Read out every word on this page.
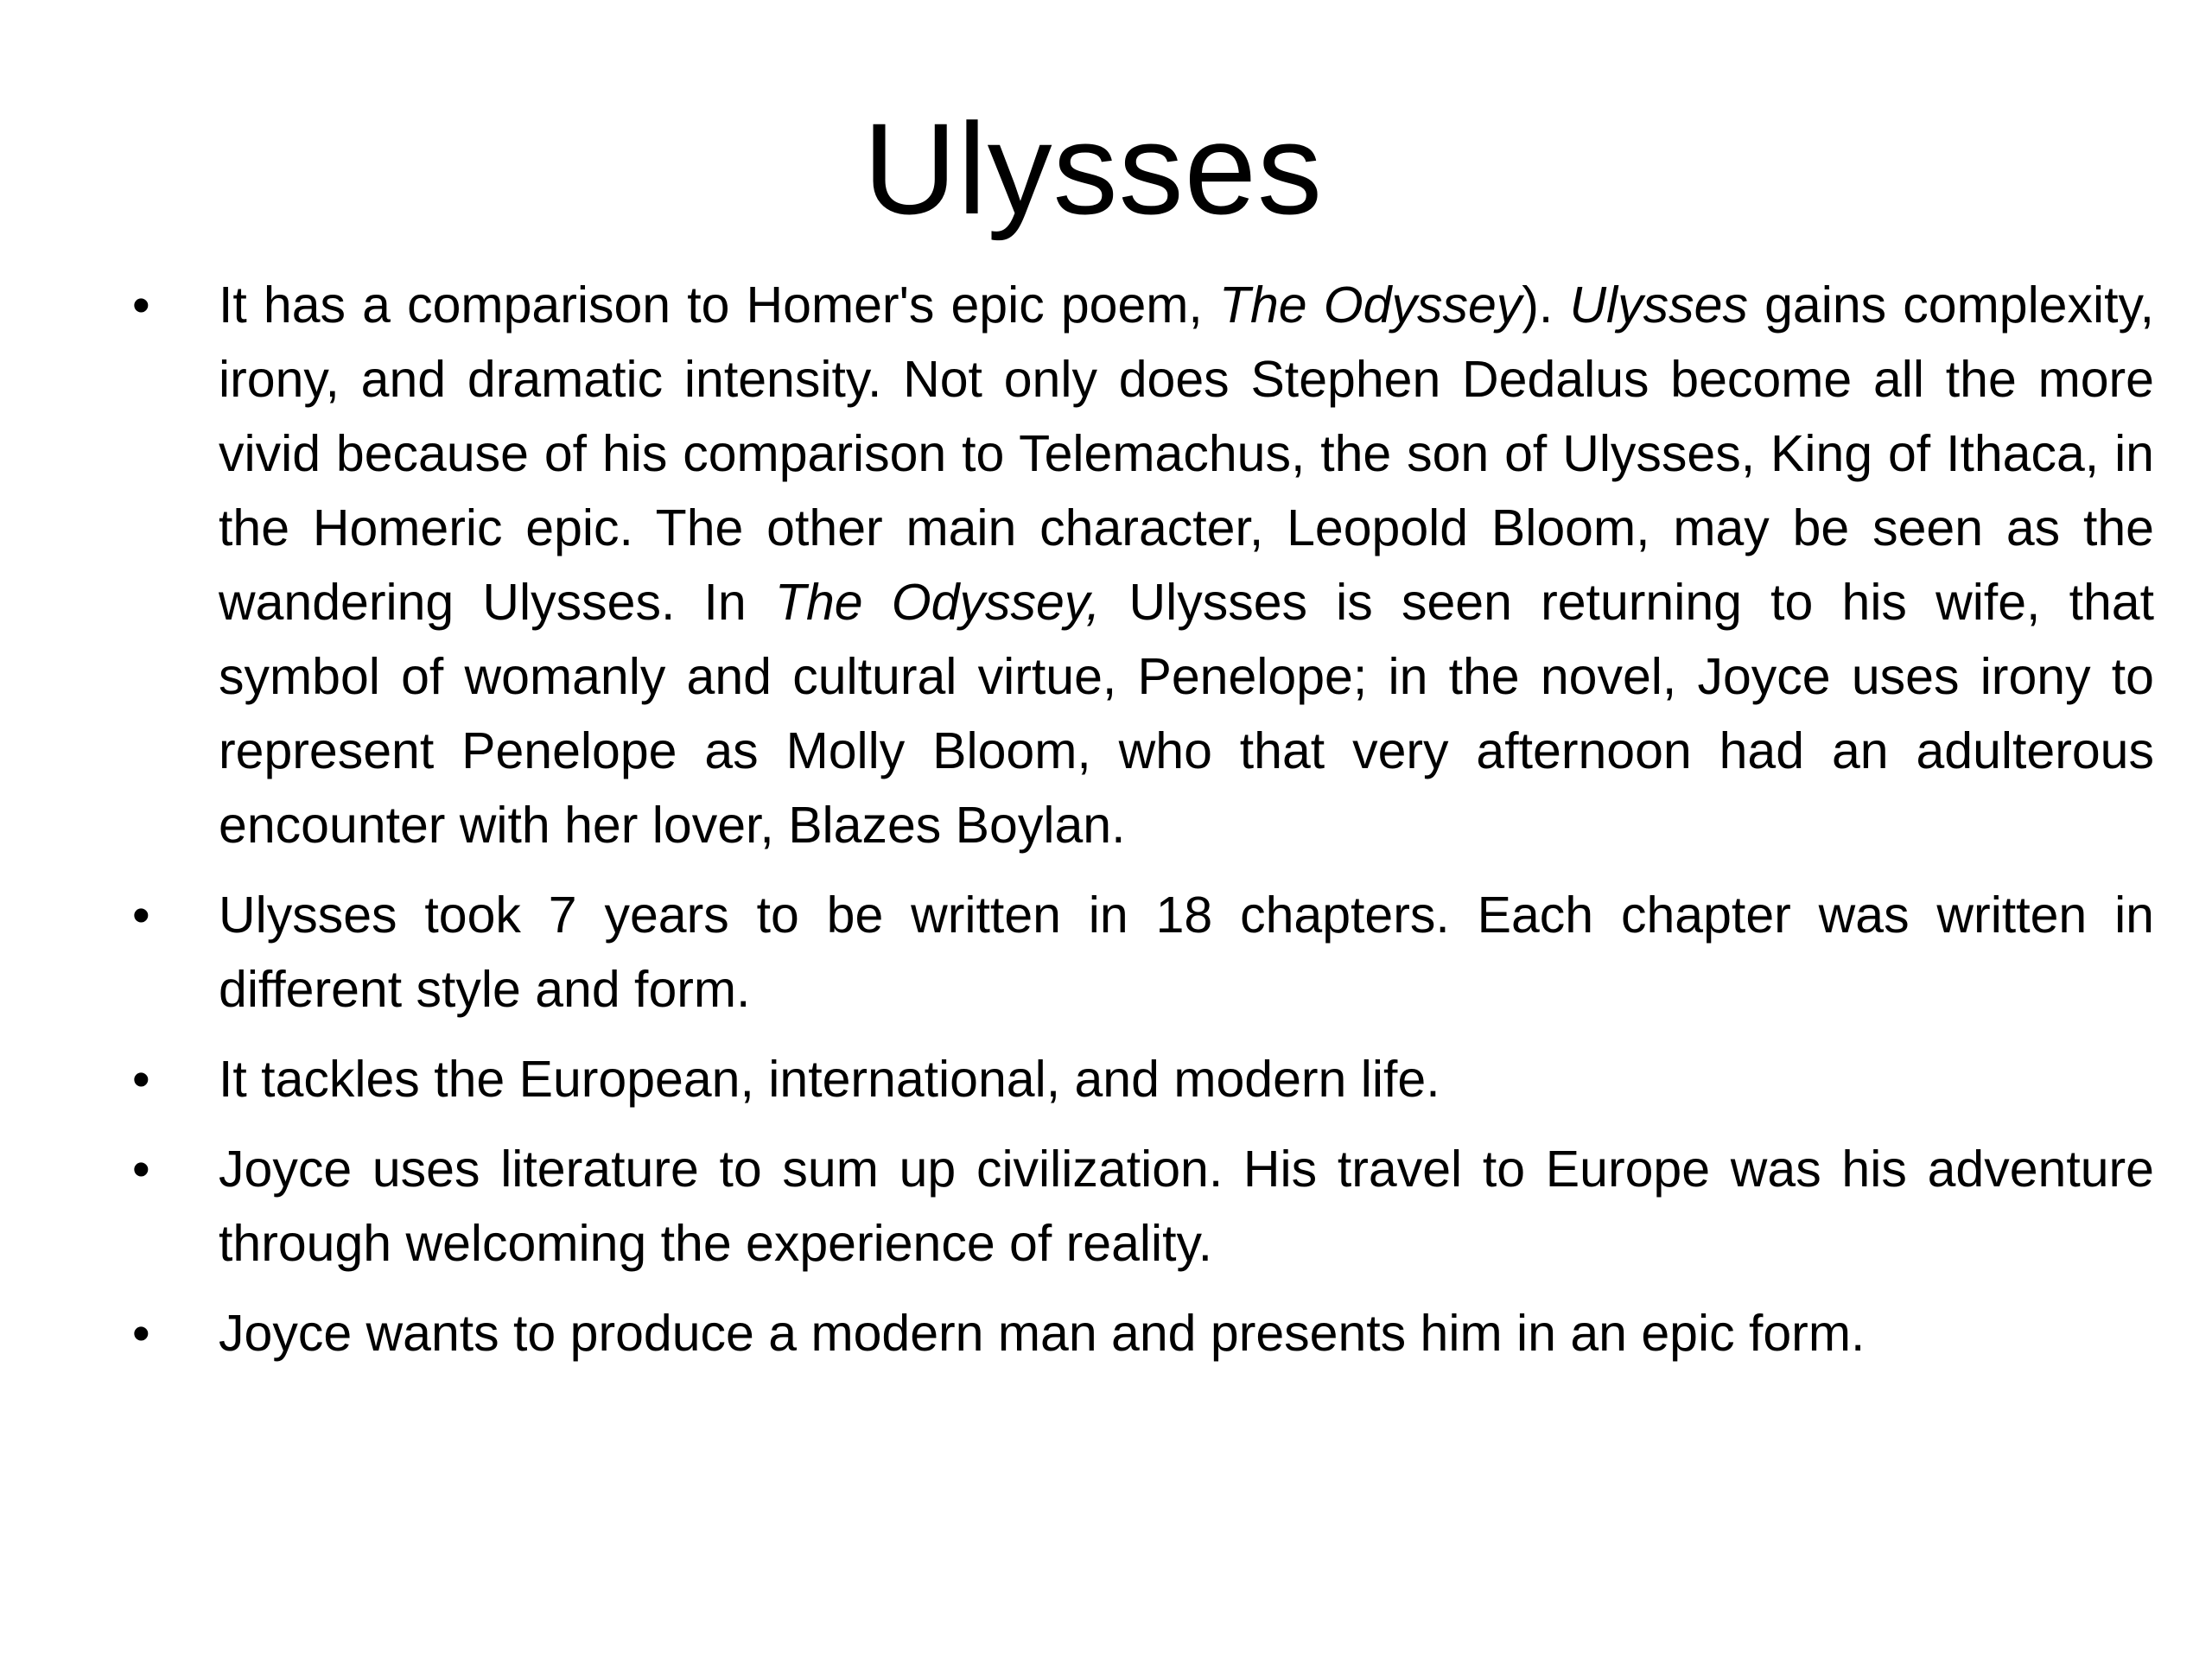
Ulysses
•	It has a comparison to Homer's epic poem, The Odyssey). Ulysses gains complexity, irony, and dramatic intensity. Not only does Stephen Dedalus become all the more vivid because of his comparison to Telemachus, the son of Ulysses, King of Ithaca, in the Homeric epic. The other main character, Leopold Bloom, may be seen as the wandering Ulysses. In The Odyssey, Ulysses is seen returning to his wife, that symbol of womanly and cultural virtue, Penelope; in the novel, Joyce uses irony to represent Penelope as Molly Bloom, who that very afternoon had an adulterous encounter with her lover, Blazes Boylan.
•	Ulysses took 7 years to be written in 18 chapters. Each chapter was written in different style and form.
•	It tackles the European, international, and modern life.
•	Joyce uses literature to sum up civilization. His travel to Europe was his adventure through welcoming the experience of reality.
•	Joyce wants to produce a modern man and presents him in an epic form.
